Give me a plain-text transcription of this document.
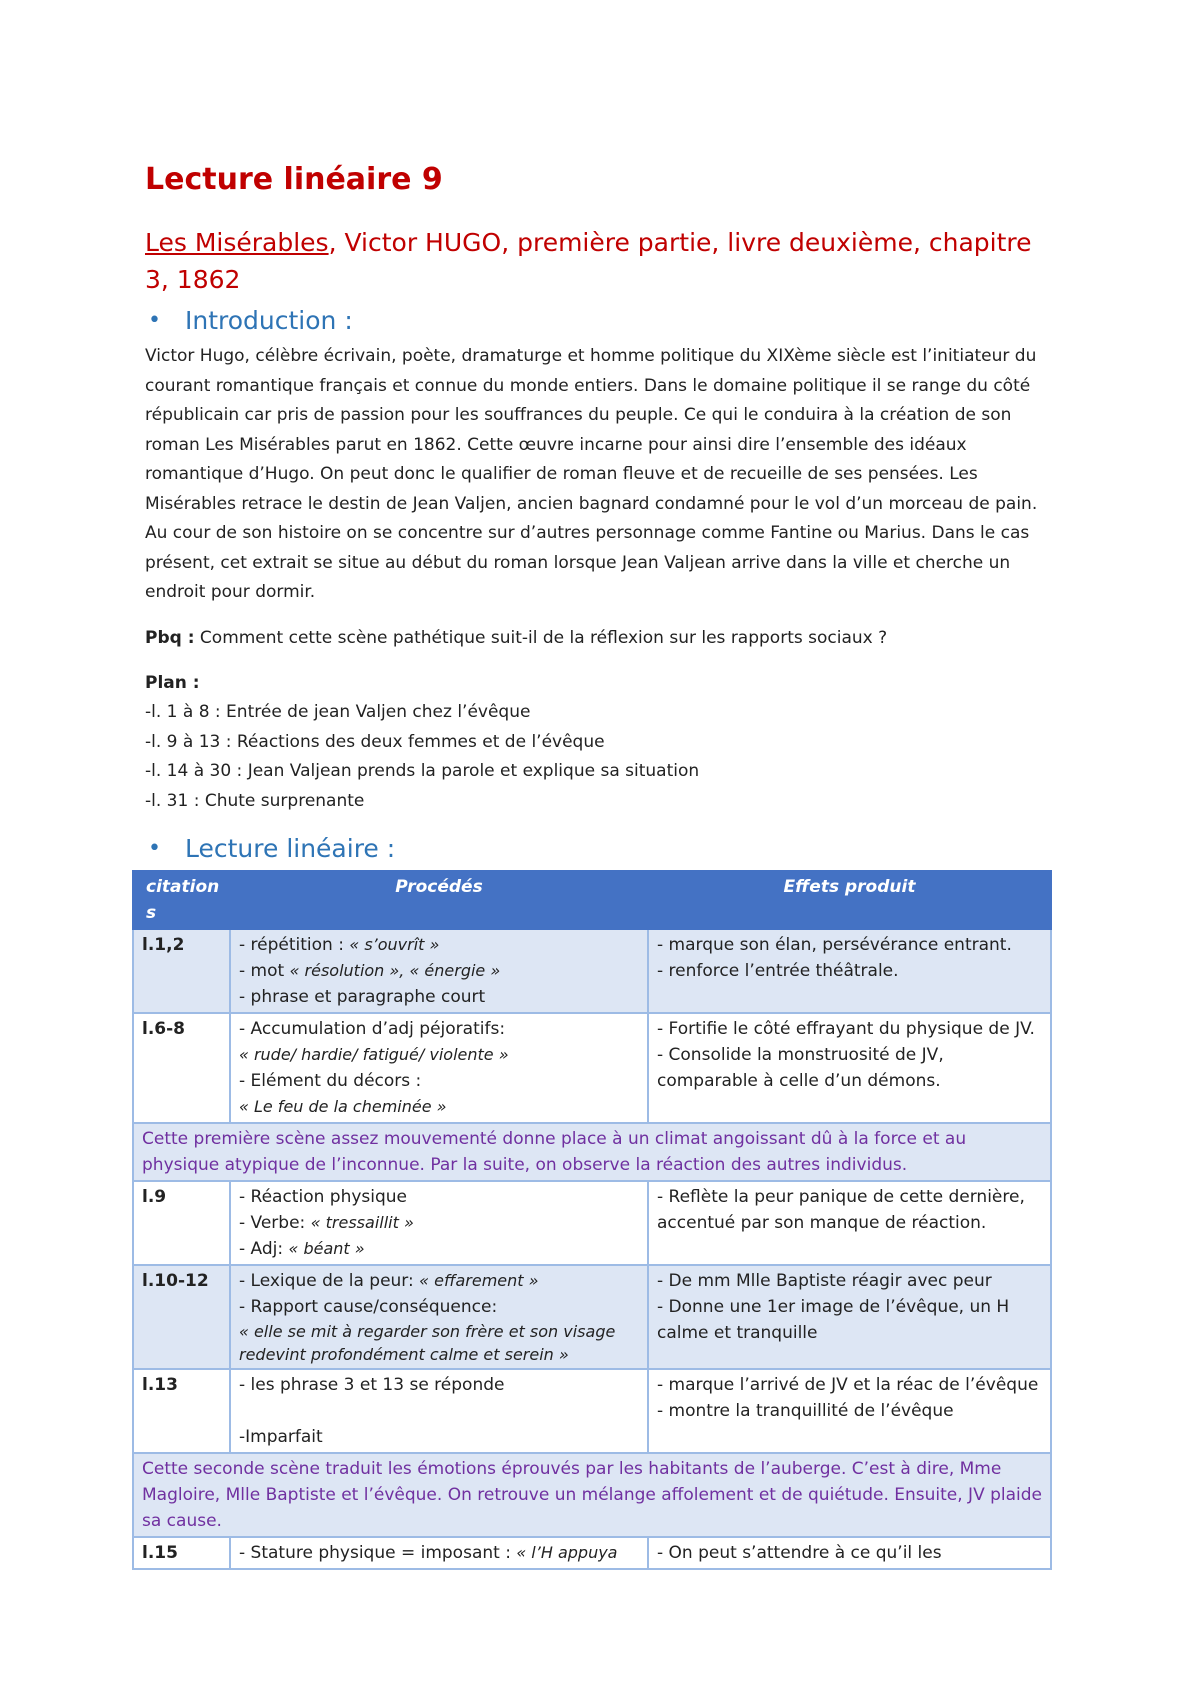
Lecture linéaire 9
Les Misérables, Victor HUGO, première partie, livre deuxième, chapitre 3, 1862
• Introduction :

Victor Hugo, célèbre écrivain, poète, dramaturge et homme politique du XIXème siècle est l’initiateur du courant romantique français et connue du monde entiers. Dans le domaine politique il se range du côté républicain car pris de passion pour les souffrances du peuple. Ce qui le conduira à la création de son roman Les Misérables parut en 1862. Cette œuvre incarne pour ainsi dire l’ensemble des idéaux romantique d’Hugo. On peut donc le qualifier de roman fleuve et de recueille de ses pensées. Les Misérables retrace le destin de Jean Valjen, ancien bagnard condamné pour le vol d’un morceau de pain. Au cour de son histoire on se concentre sur d’autres personnage comme Fantine ou Marius. Dans le cas présent, cet extrait se situe au début du roman lorsque Jean Valjean arrive dans la ville et cherche un endroit pour dormir.

Pbq : Comment cette scène pathétique suit-il de la réflexion sur les rapports sociaux ?
Plan :
-l. 1 à 8 : Entrée de jean Valjen chez l’évêque
-l. 9 à 13 : Réactions des deux femmes et de l’évêque
-l. 14 à 30 : Jean Valjean prends la parole et explique sa situation
-l. 31 : Chute surprenante
• Lecture linéaire :
citation s	Procédés	Effets produit
l.1,2	- répétition : « s’ouvrît »
- mot « résolution », « énergie »
- phrase et paragraphe court	- marque son élan, persévérance entrant.
- renforce l’entrée théâtrale.

l.6-8	- Accumulation d’adj péjoratifs:
« rude/ hardie/ fatigué/ violente »
- Elément du décors :
« Le feu de la cheminée »	- Fortifie le côté effrayant du physique de JV.
- Consolide la monstruosité de JV, comparable à celle d’un démons.

Cette première scène assez mouvementé donne place à un climat angoissant dû à la force et au physique atypique de l’inconnue. Par la suite, on observe la réaction des autres individus.		
l.9	- Réaction physique
- Verbe: « tressaillit »
- Adj: « béant »	- Reflète la peur panique de cette dernière, accentué par son manque de réaction.

l.10-12	- Lexique de la peur: « effarement »
- Rapport cause/conséquence:
« elle se mit à regarder son frère et son visage redevint profondément calme et serein »	- De mm Mlle Baptiste réagir avec peur
- Donne une 1er image de l’évêque, un H calme et tranquille

l.13	- les phrase 3 et 13 se réponde

-Imparfait	- marque l’arrivé de JV et la réac de l’évêque
- montre la tranquillité de l’évêque

Cette seconde scène traduit les émotions éprouvés par les habitants de l’auberge. C’est à dire, Mme Magloire, Mlle Baptiste et l’évêque. On retrouve un mélange affolement et de quiétude. Ensuite, JV plaide sa cause.		
l.15	- Stature physique = imposant : « l’H appuya	- On peut s’attendre à ce qu’il les
